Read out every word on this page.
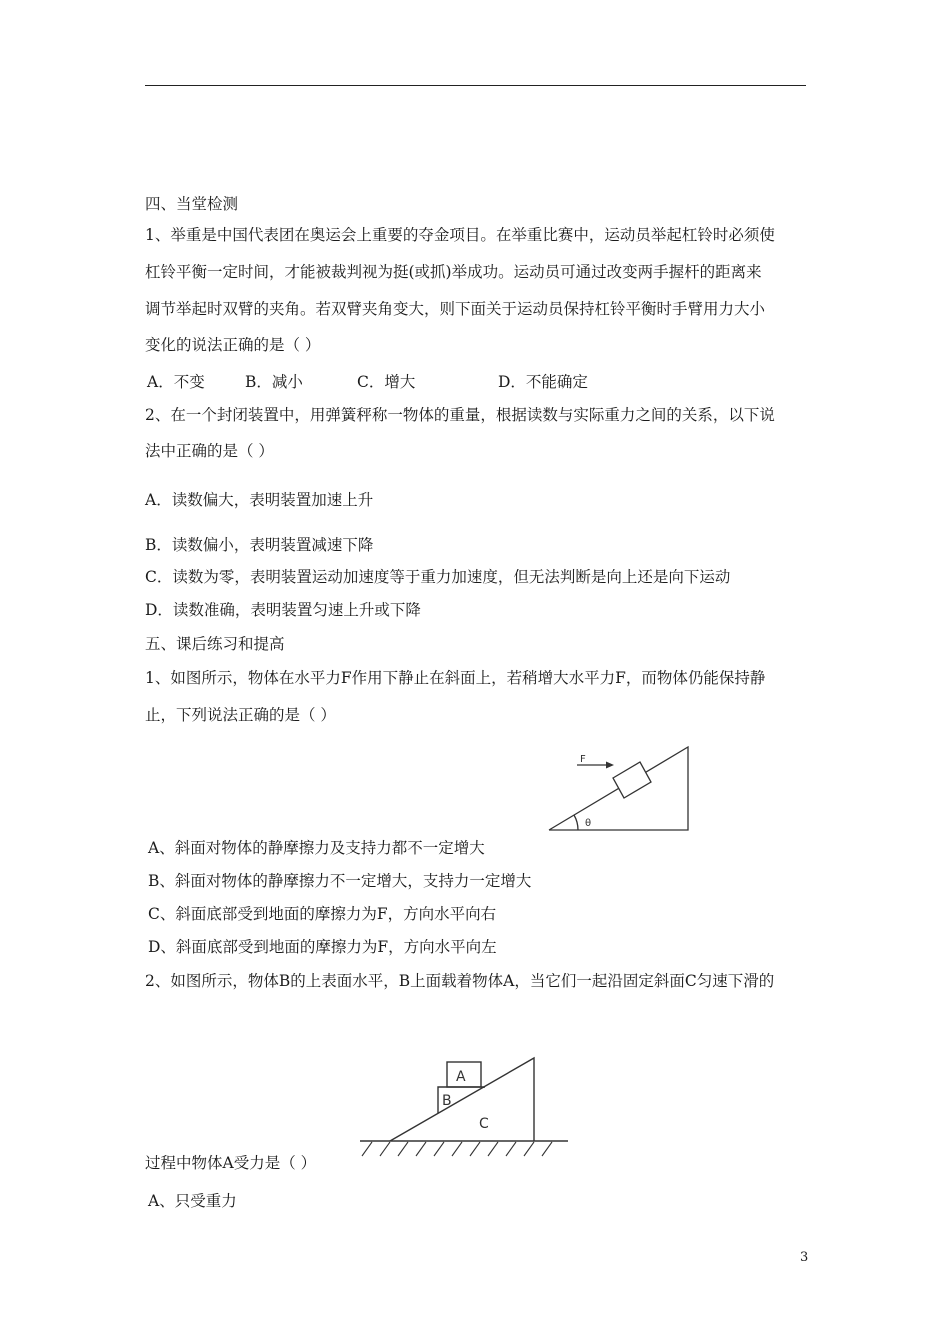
四、当堂检测
1、举重是中国代表团在奥运会上重要的夺金项目。在举重比赛中，运动员举起杠铃时必须使
杠铃平衡一定时间，才能被裁判视为挺(或抓)举成功。运动员可通过改变两手握杆的距离来
调节举起时双臂的夹角。若双臂夹角变大，则下面关于运动员保持杠铃平衡时手臂用力大小
变化的说法正确的是（ ）
A．不变	B．减小	C．增大	D．不能确定
2、在一个封闭装置中，用弹簧秤称一物体的重量，根据读数与实际重力之间的关系，以下说
法中正确的是（ ）
A．读数偏大，表明装置加速上升
B．读数偏小，表明装置减速下降
C．读数为零，表明装置运动加速度等于重力加速度，但无法判断是向上还是向下运动
D．读数准确，表明装置匀速上升或下降
五、课后练习和提高
1、如图所示，物体在水平力F作用下静止在斜面上，若稍增大水平力F，而物体仍能保持静
止，下列说法正确的是（ ）
F
θ
A、斜面对物体的静摩擦力及支持力都不一定增大
B、斜面对物体的静摩擦力不一定增大，支持力一定增大
C、斜面底部受到地面的摩擦力为F，方向水平向右
D、斜面底部受到地面的摩擦力为F，方向水平向左
2、如图所示，物体B的上表面水平，B上面载着物体A，当它们一起沿固定斜面C匀速下滑的
A
B
C
过程中物体A受力是（ ）
A、只受重力
3
